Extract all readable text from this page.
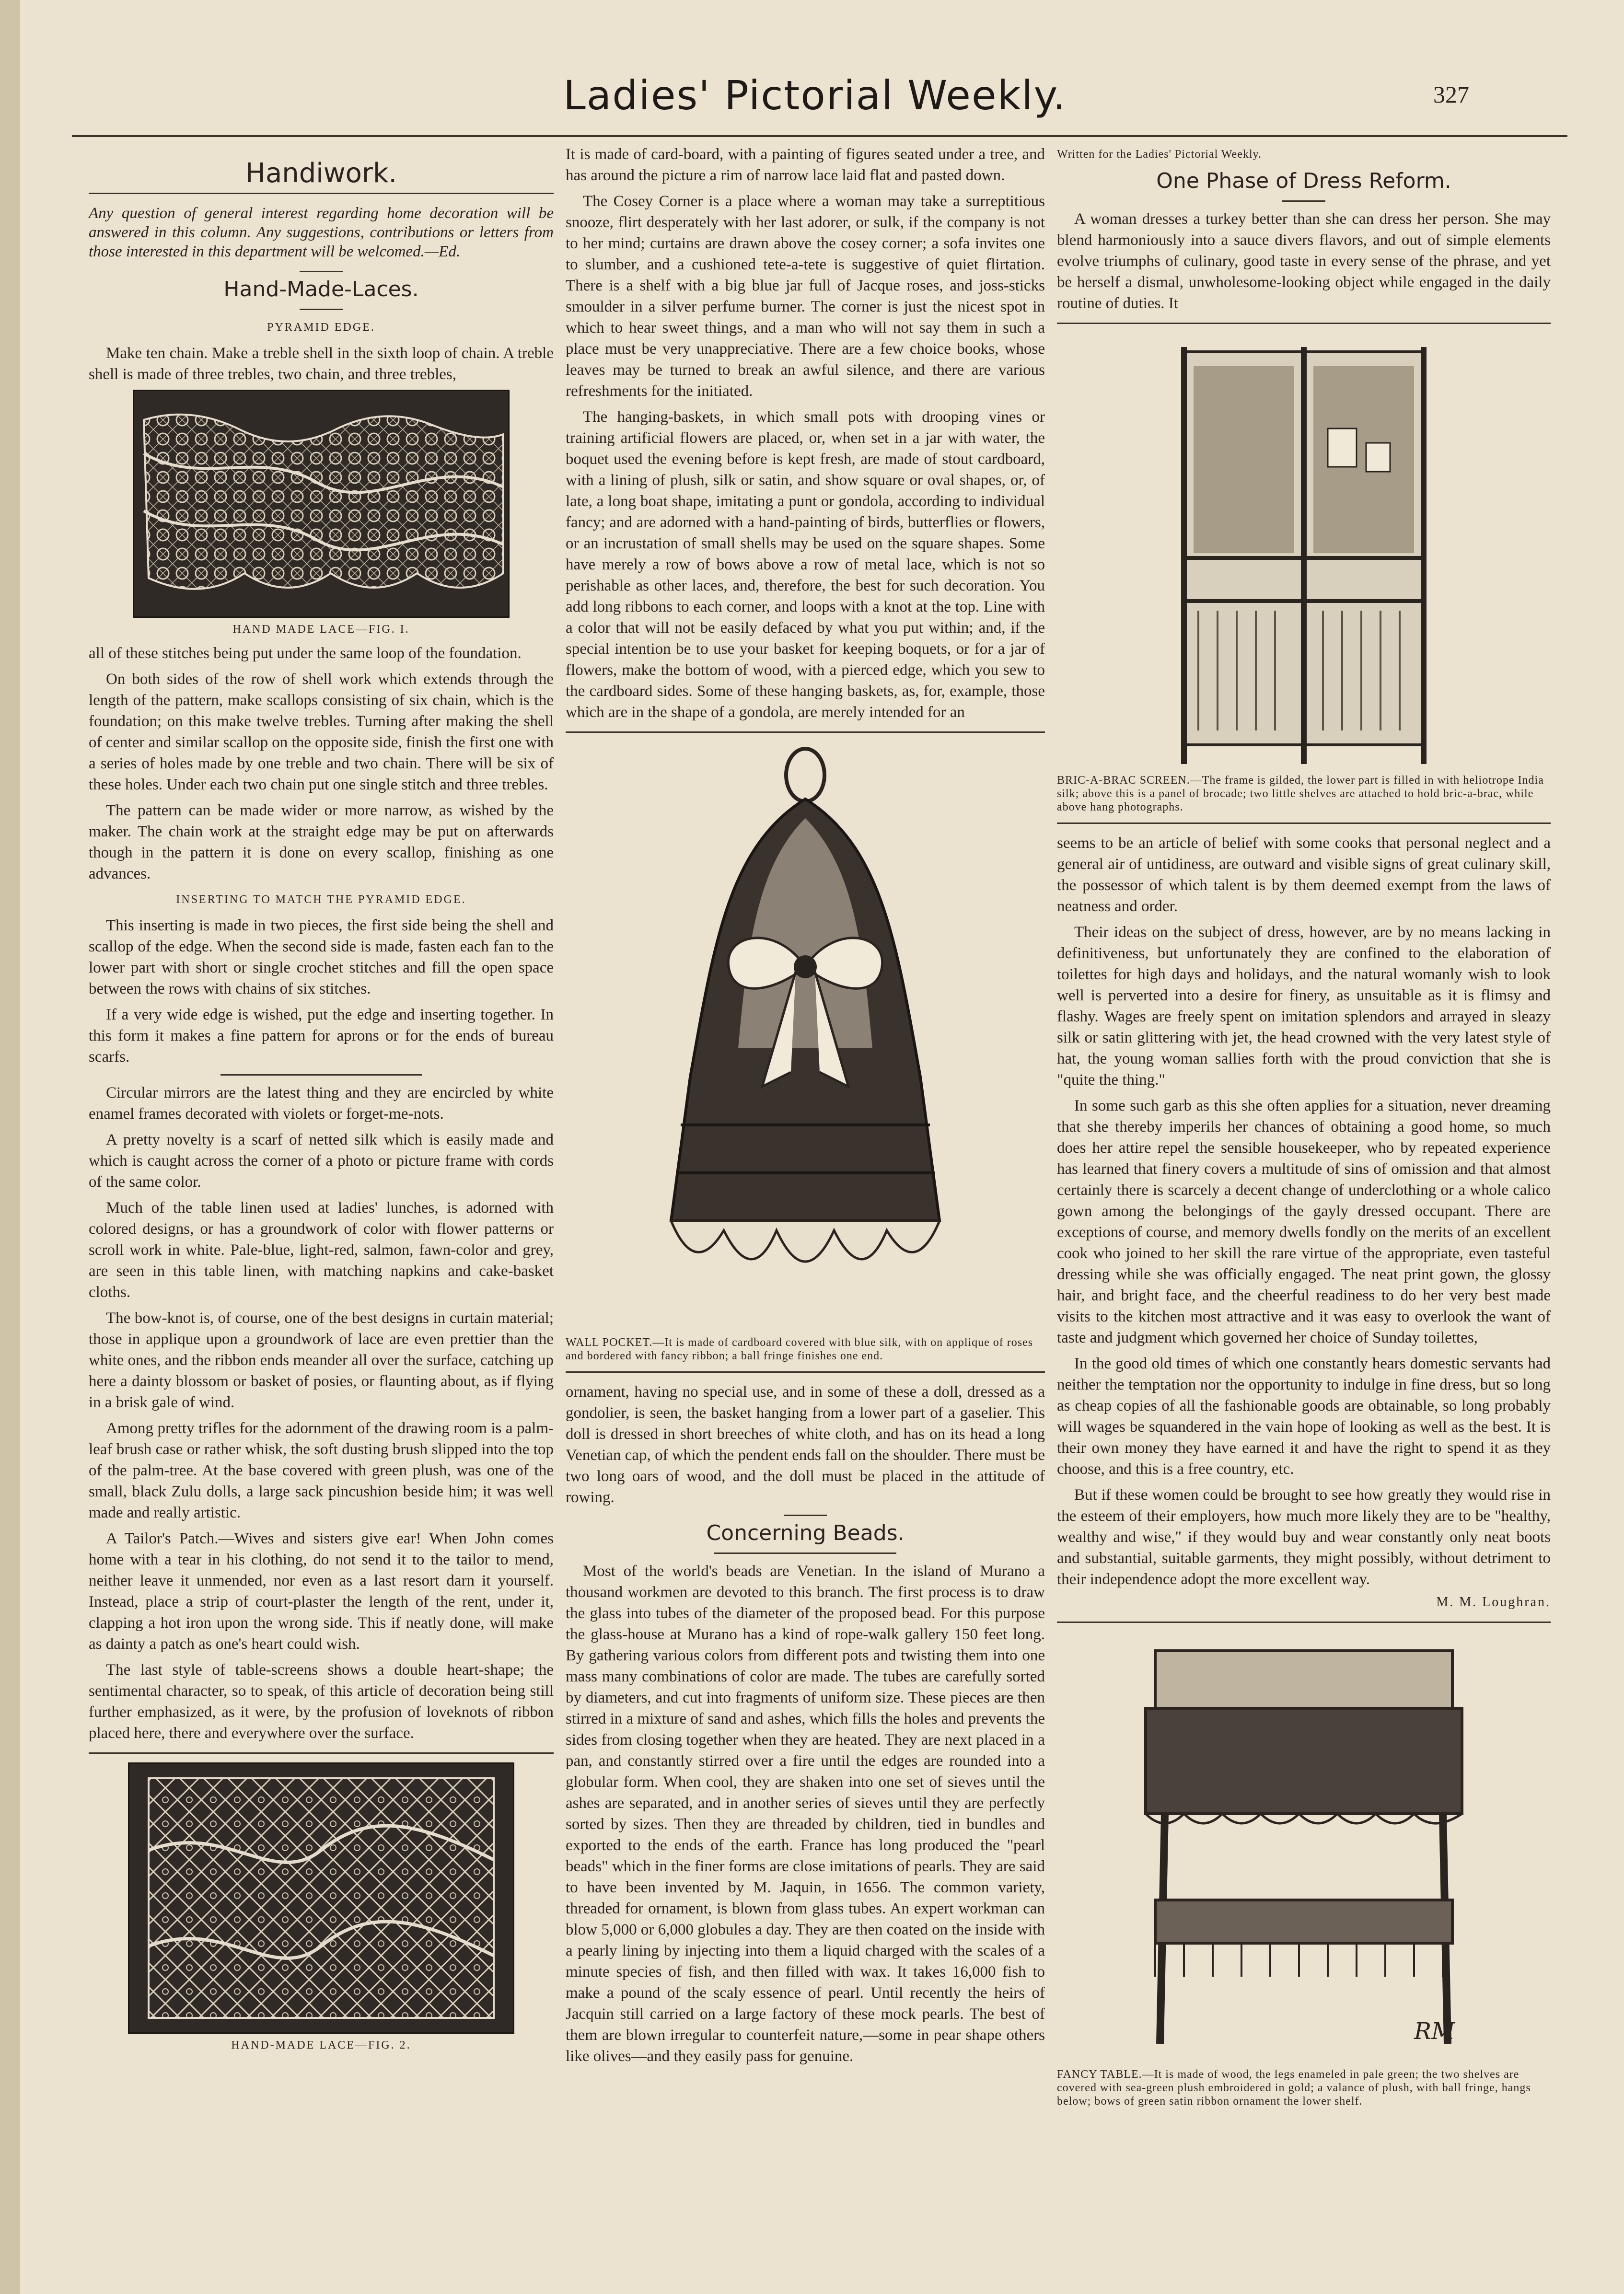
Ladies' Pictorial Weekly.	327
Handiwork.

Any question of general interest regarding home decoration will be answered in this column. Any suggestions, contributions or letters from those interested in this department will be welcomed.—Ed.

Hand-Made-Laces.

PYRAMID EDGE.

Make ten chain. Make a treble shell in the sixth loop of chain. A treble shell is made of three trebles, two chain, and three trebles,

HAND MADE LACE—FIG. I.

all of these stitches being put under the same loop of the foundation.

On both sides of the row of shell work which extends through the length of the pattern, make scallops consisting of six chain, which is the foundation; on this make twelve trebles. Turning after making the shell of center and similar scallop on the opposite side, finish the first one with a series of holes made by one treble and two chain. There will be six of these holes. Under each two chain put one single stitch and three trebles.

The pattern can be made wider or more narrow, as wished by the maker. The chain work at the straight edge may be put on afterwards though in the pattern it is done on every scallop, finishing as one advances.

INSERTING TO MATCH THE PYRAMID EDGE.

This inserting is made in two pieces, the first side being the shell and scallop of the edge. When the second side is made, fasten each fan to the lower part with short or single crochet stitches and fill the open space between the rows with chains of six stitches.

If a very wide edge is wished, put the edge and inserting together. In this form it makes a fine pattern for aprons or for the ends of bureau scarfs.

Circular mirrors are the latest thing and they are encircled by white enamel frames decorated with violets or forget-me-nots.

A pretty novelty is a scarf of netted silk which is easily made and which is caught across the corner of a photo or picture frame with cords of the same color.

Much of the table linen used at ladies' lunches, is adorned with colored designs, or has a groundwork of color with flower patterns or scroll work in white. Pale-blue, light-red, salmon, fawn-color and grey, are seen in this table linen, with matching napkins and cake-basket cloths.

The bow-knot is, of course, one of the best designs in curtain material; those in applique upon a groundwork of lace are even prettier than the white ones, and the ribbon ends meander all over the surface, catching up here a dainty blossom or basket of posies, or flaunting about, as if flying in a brisk gale of wind.

Among pretty trifles for the adornment of the drawing room is a palm-leaf brush case or rather whisk, the soft dusting brush slipped into the top of the palm-tree. At the base covered with green plush, was one of the small, black Zulu dolls, a large sack pincushion beside him; it was well made and really artistic.

A Tailor's Patch.—Wives and sisters give ear! When John comes home with a tear in his clothing, do not send it to the tailor to mend, neither leave it unmended, nor even as a last resort darn it yourself. Instead, place a strip of court-plaster the length of the rent, under it, clapping a hot iron upon the wrong side. This if neatly done, will make as dainty a patch as one's heart could wish.

The last style of table-screens shows a double heart-shape; the sentimental character, so to speak, of this article of decoration being still further emphasized, as it were, by the profusion of loveknots of ribbon placed here, there and everywhere over the surface.

HAND-MADE LACE—FIG. 2.

It is made of card-board, with a painting of figures seated under a tree, and has around the picture a rim of narrow lace laid flat and pasted down.

The Cosey Corner is a place where a woman may take a surreptitious snooze, flirt desperately with her last adorer, or sulk, if the company is not to her mind; curtains are drawn above the cosey corner; a sofa invites one to slumber, and a cushioned tete-a-tete is suggestive of quiet flirtation. There is a shelf with a big blue jar full of Jacque roses, and joss-sticks smoulder in a silver perfume burner. The corner is just the nicest spot in which to hear sweet things, and a man who will not say them in such a place must be very unappreciative. There are a few choice books, whose leaves may be turned to break an awful silence, and there are various refreshments for the initiated.

The hanging-baskets, in which small pots with drooping vines or training artificial flowers are placed, or, when set in a jar with water, the boquet used the evening before is kept fresh, are made of stout cardboard, with a lining of plush, silk or satin, and show square or oval shapes, or, of late, a long boat shape, imitating a punt or gondola, according to individual fancy; and are adorned with a hand-painting of birds, butterflies or flowers, or an incrustation of small shells may be used on the square shapes. Some have merely a row of bows above a row of metal lace, which is not so perishable as other laces, and, therefore, the best for such decoration. You add long ribbons to each corner, and loops with a knot at the top. Line with a color that will not be easily defaced by what you put within; and, if the special intention be to use your basket for keeping boquets, or for a jar of flowers, make the bottom of wood, with a pierced edge, which you sew to the cardboard sides. Some of these hanging baskets, as, for, example, those which are in the shape of a gondola, are merely intended for an

WALL POCKET.—It is made of cardboard covered with blue silk, with on applique of roses and bordered with fancy ribbon; a ball fringe finishes one end.

ornament, having no special use, and in some of these a doll, dressed as a gondolier, is seen, the basket hanging from a lower part of a gaselier. This doll is dressed in short breeches of white cloth, and has on its head a long Venetian cap, of which the pendent ends fall on the shoulder. There must be two long oars of wood, and the doll must be placed in the attitude of rowing.

Concerning Beads.

Most of the world's beads are Venetian. In the island of Murano a thousand workmen are devoted to this branch. The first process is to draw the glass into tubes of the diameter of the proposed bead. For this purpose the glass-house at Murano has a kind of rope-walk gallery 150 feet long. By gathering various colors from different pots and twisting them into one mass many combinations of color are made. The tubes are carefully sorted by diameters, and cut into fragments of uniform size. These pieces are then stirred in a mixture of sand and ashes, which fills the holes and prevents the sides from closing together when they are heated. They are next placed in a pan, and constantly stirred over a fire until the edges are rounded into a globular form. When cool, they are shaken into one set of sieves until the ashes are separated, and in another series of sieves until they are perfectly sorted by sizes. Then they are threaded by children, tied in bundles and exported to the ends of the earth. France has long produced the "pearl beads" which in the finer forms are close imitations of pearls. They are said to have been invented by M. Jaquin, in 1656. The common variety, threaded for ornament, is blown from glass tubes. An expert workman can blow 5,000 or 6,000 globules a day. They are then coated on the inside with a pearly lining by injecting into them a liquid charged with the scales of a minute species of fish, and then filled with wax. It takes 16,000 fish to make a pound of the scaly essence of pearl. Until recently the heirs of Jacquin still carried on a large factory of these mock pearls. The best of them are blown irregular to counterfeit nature,—some in pear shape others like olives—and they easily pass for genuine.

Written for the Ladies' Pictorial Weekly.

One Phase of Dress Reform.

A woman dresses a turkey better than she can dress her person. She may blend harmoniously into a sauce divers flavors, and out of simple elements evolve triumphs of culinary, good taste in every sense of the phrase, and yet be herself a dismal, unwholesome-looking object while engaged in the daily routine of duties. It

BRIC-A-BRAC SCREEN.—The frame is gilded, the lower part is filled in with heliotrope India silk; above this is a panel of brocade; two little shelves are attached to hold bric-a-brac, while above hang photographs.

seems to be an article of belief with some cooks that personal neglect and a general air of untidiness, are outward and visible signs of great culinary skill, the possessor of which talent is by them deemed exempt from the laws of neatness and order.

Their ideas on the subject of dress, however, are by no means lacking in definitiveness, but unfortunately they are confined to the elaboration of toilettes for high days and holidays, and the natural womanly wish to look well is perverted into a desire for finery, as unsuitable as it is flimsy and flashy. Wages are freely spent on imitation splendors and arrayed in sleazy silk or satin glittering with jet, the head crowned with the very latest style of hat, the young woman sallies forth with the proud conviction that she is "quite the thing."

In some such garb as this she often applies for a situation, never dreaming that she thereby imperils her chances of obtaining a good home, so much does her attire repel the sensible housekeeper, who by repeated experience has learned that finery covers a multitude of sins of omission and that almost certainly there is scarcely a decent change of underclothing or a whole calico gown among the belongings of the gayly dressed occupant. There are exceptions of course, and memory dwells fondly on the merits of an excellent cook who joined to her skill the rare virtue of the appropriate, even tasteful dressing while she was officially engaged. The neat print gown, the glossy hair, and bright face, and the cheerful readiness to do her very best made visits to the kitchen most attractive and it was easy to overlook the want of taste and judgment which governed her choice of Sunday toilettes,

In the good old times of which one constantly hears domestic servants had neither the temptation nor the opportunity to indulge in fine dress, but so long as cheap copies of all the fashionable goods are obtainable, so long probably will wages be squandered in the vain hope of looking as well as the best. It is their own money they have earned it and have the right to spend it as they choose, and this is a free country, etc.

But if these women could be brought to see how greatly they would rise in the esteem of their employers, how much more likely they are to be "healthy, wealthy and wise," if they would buy and wear constantly only neat boots and substantial, suitable garments, they might possibly, without detriment to their independence adopt the more excellent way.

M. M. Loughran.

RM

FANCY TABLE.—It is made of wood, the legs enameled in pale green; the two shelves are covered with sea-green plush embroidered in gold; a valance of plush, with ball fringe, hangs below; bows of green satin ribbon ornament the lower shelf.
